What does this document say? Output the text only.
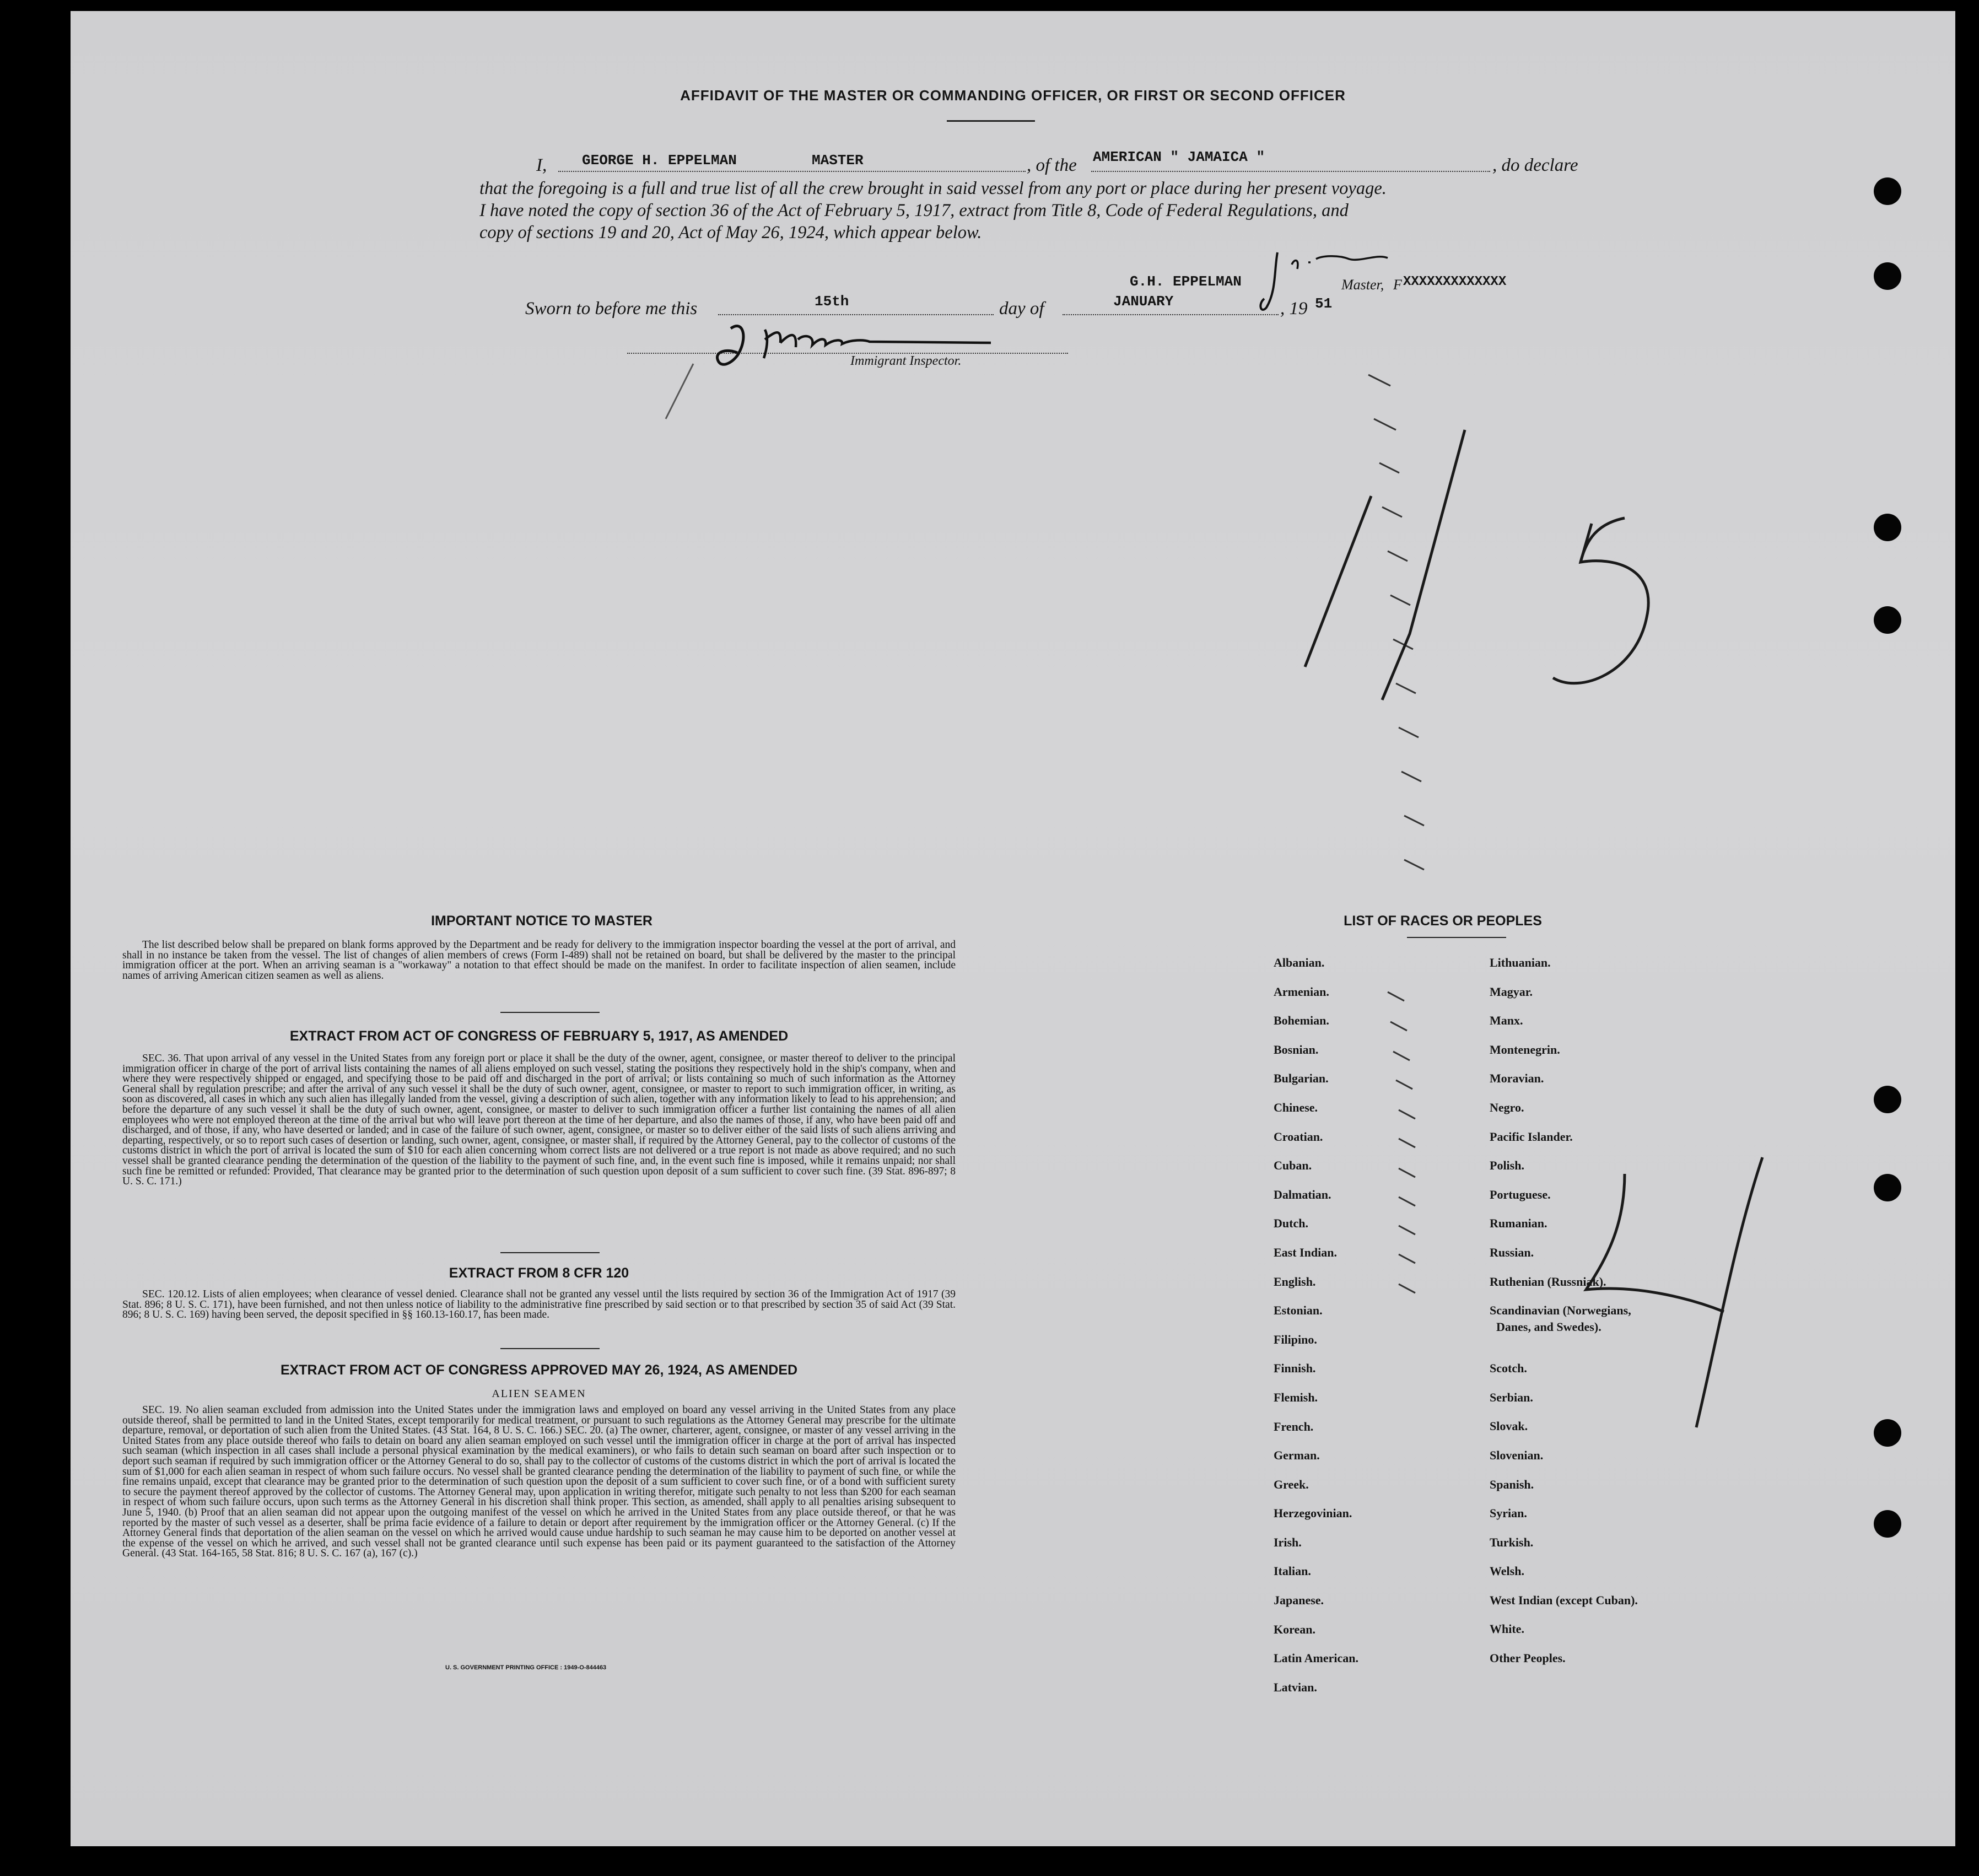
AFFIDAVIT OF THE MASTER OR COMMANDING OFFICER, OR FIRST OR SECOND OFFICER
I, GEORGE H. EPPELMAN	MASTER	, of the AMERICAN " JAMAICA "	, do declare
that the foregoing is a full and true list of all the crew brought in said vessel from any port or place during her present voyage.
I have noted the copy of section 36 of the Act of February 5, 1917, extract from Title 8, Code of Federal Regulations, and
copy of sections 19 and 20, Act of May 26, 1924, which appear below.
G.H. EPPELMAN	Master, F XXXXXXXXXXXXX
Sworn to before me this	15th	day of	JANUARY	, 19 51
Immigrant Inspector.
IMPORTANT NOTICE TO MASTER
The list described below shall be prepared on blank forms approved by the Department and be ready for delivery to the immigration inspector boarding the vessel at the port of arrival, and shall in no instance be taken from the vessel. The list of changes of alien members of crews (Form I-489) shall not be retained on board, but shall be delivered by the master to the principal immigration officer at the port. When an arriving seaman is a "workaway" a notation to that effect should be made on the manifest. In order to facilitate inspection of alien seamen, include names of arriving American citizen seamen as well as aliens.
EXTRACT FROM ACT OF CONGRESS OF FEBRUARY 5, 1917, AS AMENDED
SEC. 36. That upon arrival of any vessel in the United States from any foreign port or place it shall be the duty of the owner, agent, consignee, or master thereof to deliver to the principal immigration officer in charge of the port of arrival lists containing the names of all aliens employed on such vessel, stating the positions they respectively hold in the ship's company, when and where they were respectively shipped or engaged, and specifying those to be paid off and discharged in the port of arrival; or lists containing so much of such information as the Attorney General shall by regulation prescribe; and after the arrival of any such vessel it shall be the duty of such owner, agent, consignee, or master to report to such immigration officer, in writing, as soon as discovered, all cases in which any such alien has illegally landed from the vessel, giving a description of such alien, together with any information likely to lead to his apprehension; and before the departure of any such vessel it shall be the duty of such owner, agent, consignee, or master to deliver to such immigration officer a further list containing the names of all alien employees who were not employed thereon at the time of the arrival but who will leave port thereon at the time of her departure, and also the names of those, if any, who have been paid off and discharged, and of those, if any, who have deserted or landed; and in case of the failure of such owner, agent, consignee, or master so to deliver either of the said lists of such aliens arriving and departing, respectively, or so to report such cases of desertion or landing, such owner, agent, consignee, or master shall, if required by the Attorney General, pay to the collector of customs of the customs district in which the port of arrival is located the sum of $10 for each alien concerning whom correct lists are not delivered or a true report is not made as above required; and no such vessel shall be granted clearance pending the determination of the question of the liability to the payment of such fine, and, in the event such fine is imposed, while it remains unpaid; nor shall such fine be remitted or refunded: Provided, That clearance may be granted prior to the determination of such question upon deposit of a sum sufficient to cover such fine. (39 Stat. 896-897; 8 U. S. C. 171.)
EXTRACT FROM 8 CFR 120
SEC. 120.12. Lists of alien employees; when clearance of vessel denied. Clearance shall not be granted any vessel until the lists required by section 36 of the Immigration Act of 1917 (39 Stat. 896; 8 U. S. C. 171), have been furnished, and not then unless notice of liability to the administrative fine prescribed by said section or to that prescribed by section 35 of said Act (39 Stat. 896; 8 U. S. C. 169) having been served, the deposit specified in §§ 160.13-160.17, has been made.
EXTRACT FROM ACT OF CONGRESS APPROVED MAY 26, 1924, AS AMENDED
ALIEN SEAMEN
SEC. 19. No alien seaman excluded from admission into the United States under the immigration laws and employed on board any vessel arriving in the United States from any place outside thereof, shall be permitted to land in the United States, except temporarily for medical treatment, or pursuant to such regulations as the Attorney General may prescribe for the ultimate departure, removal, or deportation of such alien from the United States. (43 Stat. 164, 8 U. S. C. 166.) SEC. 20. (a) The owner, charterer, agent, consignee, or master of any vessel arriving in the United States from any place outside thereof who fails to detain on board any alien seaman employed on such vessel until the immigration officer in charge at the port of arrival has inspected such seaman (which inspection in all cases shall include a personal physical examination by the medical examiners), or who fails to detain such seaman on board after such inspection or to deport such seaman if required by such immigration officer or the Attorney General to do so, shall pay to the collector of customs of the customs district in which the port of arrival is located the sum of $1,000 for each alien seaman in respect of whom such failure occurs. No vessel shall be granted clearance pending the determination of the liability to payment of such fine, or while the fine remains unpaid, except that clearance may be granted prior to the determination of such question upon the deposit of a sum sufficient to cover such fine, or of a bond with sufficient surety to secure the payment thereof approved by the collector of customs. The Attorney General may, upon application in writing therefor, mitigate such penalty to not less than $200 for each seaman in respect of whom such failure occurs, upon such terms as the Attorney General in his discretion shall think proper. This section, as amended, shall apply to all penalties arising subsequent to June 5, 1940. (b) Proof that an alien seaman did not appear upon the outgoing manifest of the vessel on which he arrived in the United States from any place outside thereof, or that he was reported by the master of such vessel as a deserter, shall be prima facie evidence of a failure to detain or deport after requirement by the immigration officer or the Attorney General. (c) If the Attorney General finds that deportation of the alien seaman on the vessel on which he arrived would cause undue hardship to such seaman he may cause him to be deported on another vessel at the expense of the vessel on which he arrived, and such vessel shall not be granted clearance until such expense has been paid or its payment guaranteed to the satisfaction of the Attorney General. (43 Stat. 164-165, 58 Stat. 816; 8 U. S. C. 167 (a), 167 (c).)
U. S. GOVERNMENT PRINTING OFFICE : 1949-O-844463
LIST OF RACES OR PEOPLES
Albanian.
Armenian.
Bohemian.
Bosnian.
Bulgarian.
Chinese.
Croatian.
Cuban.
Dalmatian.
Dutch.
East Indian.
English.
Estonian.
Filipino.
Finnish.
Flemish.
French.
German.
Greek.
Herzegovinian.
Irish.
Italian.
Japanese.
Korean.
Latin American.
Latvian.
Lithuanian.
Magyar.
Manx.
Montenegrin.
Moravian.
Negro.
Pacific Islander.
Polish.
Portuguese.
Rumanian.
Russian.
Ruthenian (Russniak).
Scandinavian (Norwegians,
Danes, and Swedes).
Scotch.
Serbian.
Slovak.
Slovenian.
Spanish.
Syrian.
Turkish.
Welsh.
West Indian (except Cuban).
White.
Other Peoples.
